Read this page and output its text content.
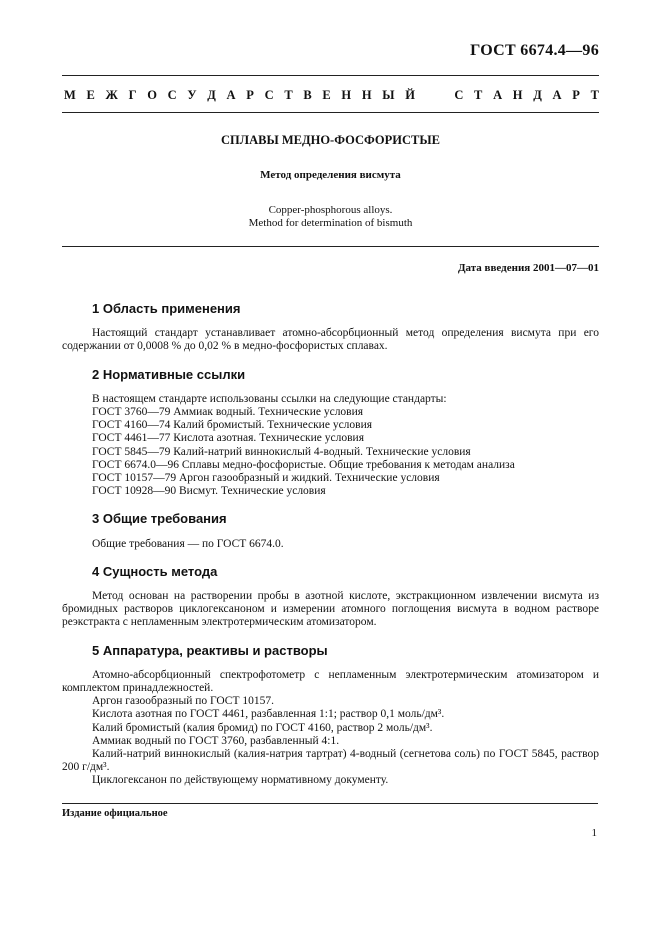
ГОСТ 6674.4—96
М Е Ж Г О С У Д А Р С Т В Е Н Н Ы Й	С Т А Н Д А Р Т
СПЛАВЫ МЕДНО-ФОСФОРИСТЫЕ
Метод определения висмута
Copper-phosphorous alloys.
Method for determination of bismuth
Дата введения 2001—07—01
1 Область применения

Настоящий стандарт устанавливает атомно-абсорбционный метод определения висмута при его содержании от 0,0008 % до 0,02 % в медно-фосфористых сплавах.

2 Нормативные ссылки

В настоящем стандарте использованы ссылки на следующие стандарты:

ГОСТ 3760—79 Аммиак водный. Технические условия

ГОСТ 4160—74 Калий бромистый. Технические условия

ГОСТ 4461—77 Кислота азотная. Технические условия

ГОСТ 5845—79 Калий-натрий виннокислый 4-водный. Технические условия

ГОСТ 6674.0—96 Сплавы медно-фосфористые. Общие требования к методам анализа

ГОСТ 10157—79 Аргон газообразный и жидкий. Технические условия

ГОСТ 10928—90 Висмут. Технические условия

3 Общие требования

Общие требования — по ГОСТ 6674.0.

4 Сущность метода

Метод основан на растворении пробы в азотной кислоте, экстракционном извлечении висмута из бромидных растворов циклогексаноном и измерении атомного поглощения висмута в водном растворе реэкстракта с непламенным электротермическим атомизатором.

5 Аппаратура, реактивы и растворы

Атомно-абсорбционный спектрофотометр с непламенным электротермическим атомизатором и комплектом принадлежностей.

Аргон газообразный по ГОСТ 10157.

Кислота азотная по ГОСТ 4461, разбавленная 1:1; раствор 0,1 моль/дм³.

Калий бромистый (калия бромид) по ГОСТ 4160, раствор 2 моль/дм³.

Аммиак водный по ГОСТ 3760, разбавленный 4:1.

Калий-натрий виннокислый (калия-натрия тартрат) 4-водный (сегнетова соль) по ГОСТ 5845, раствор 200 г/дм³.

Циклогексанон по действующему нормативному документу.

Издание официальное
1
